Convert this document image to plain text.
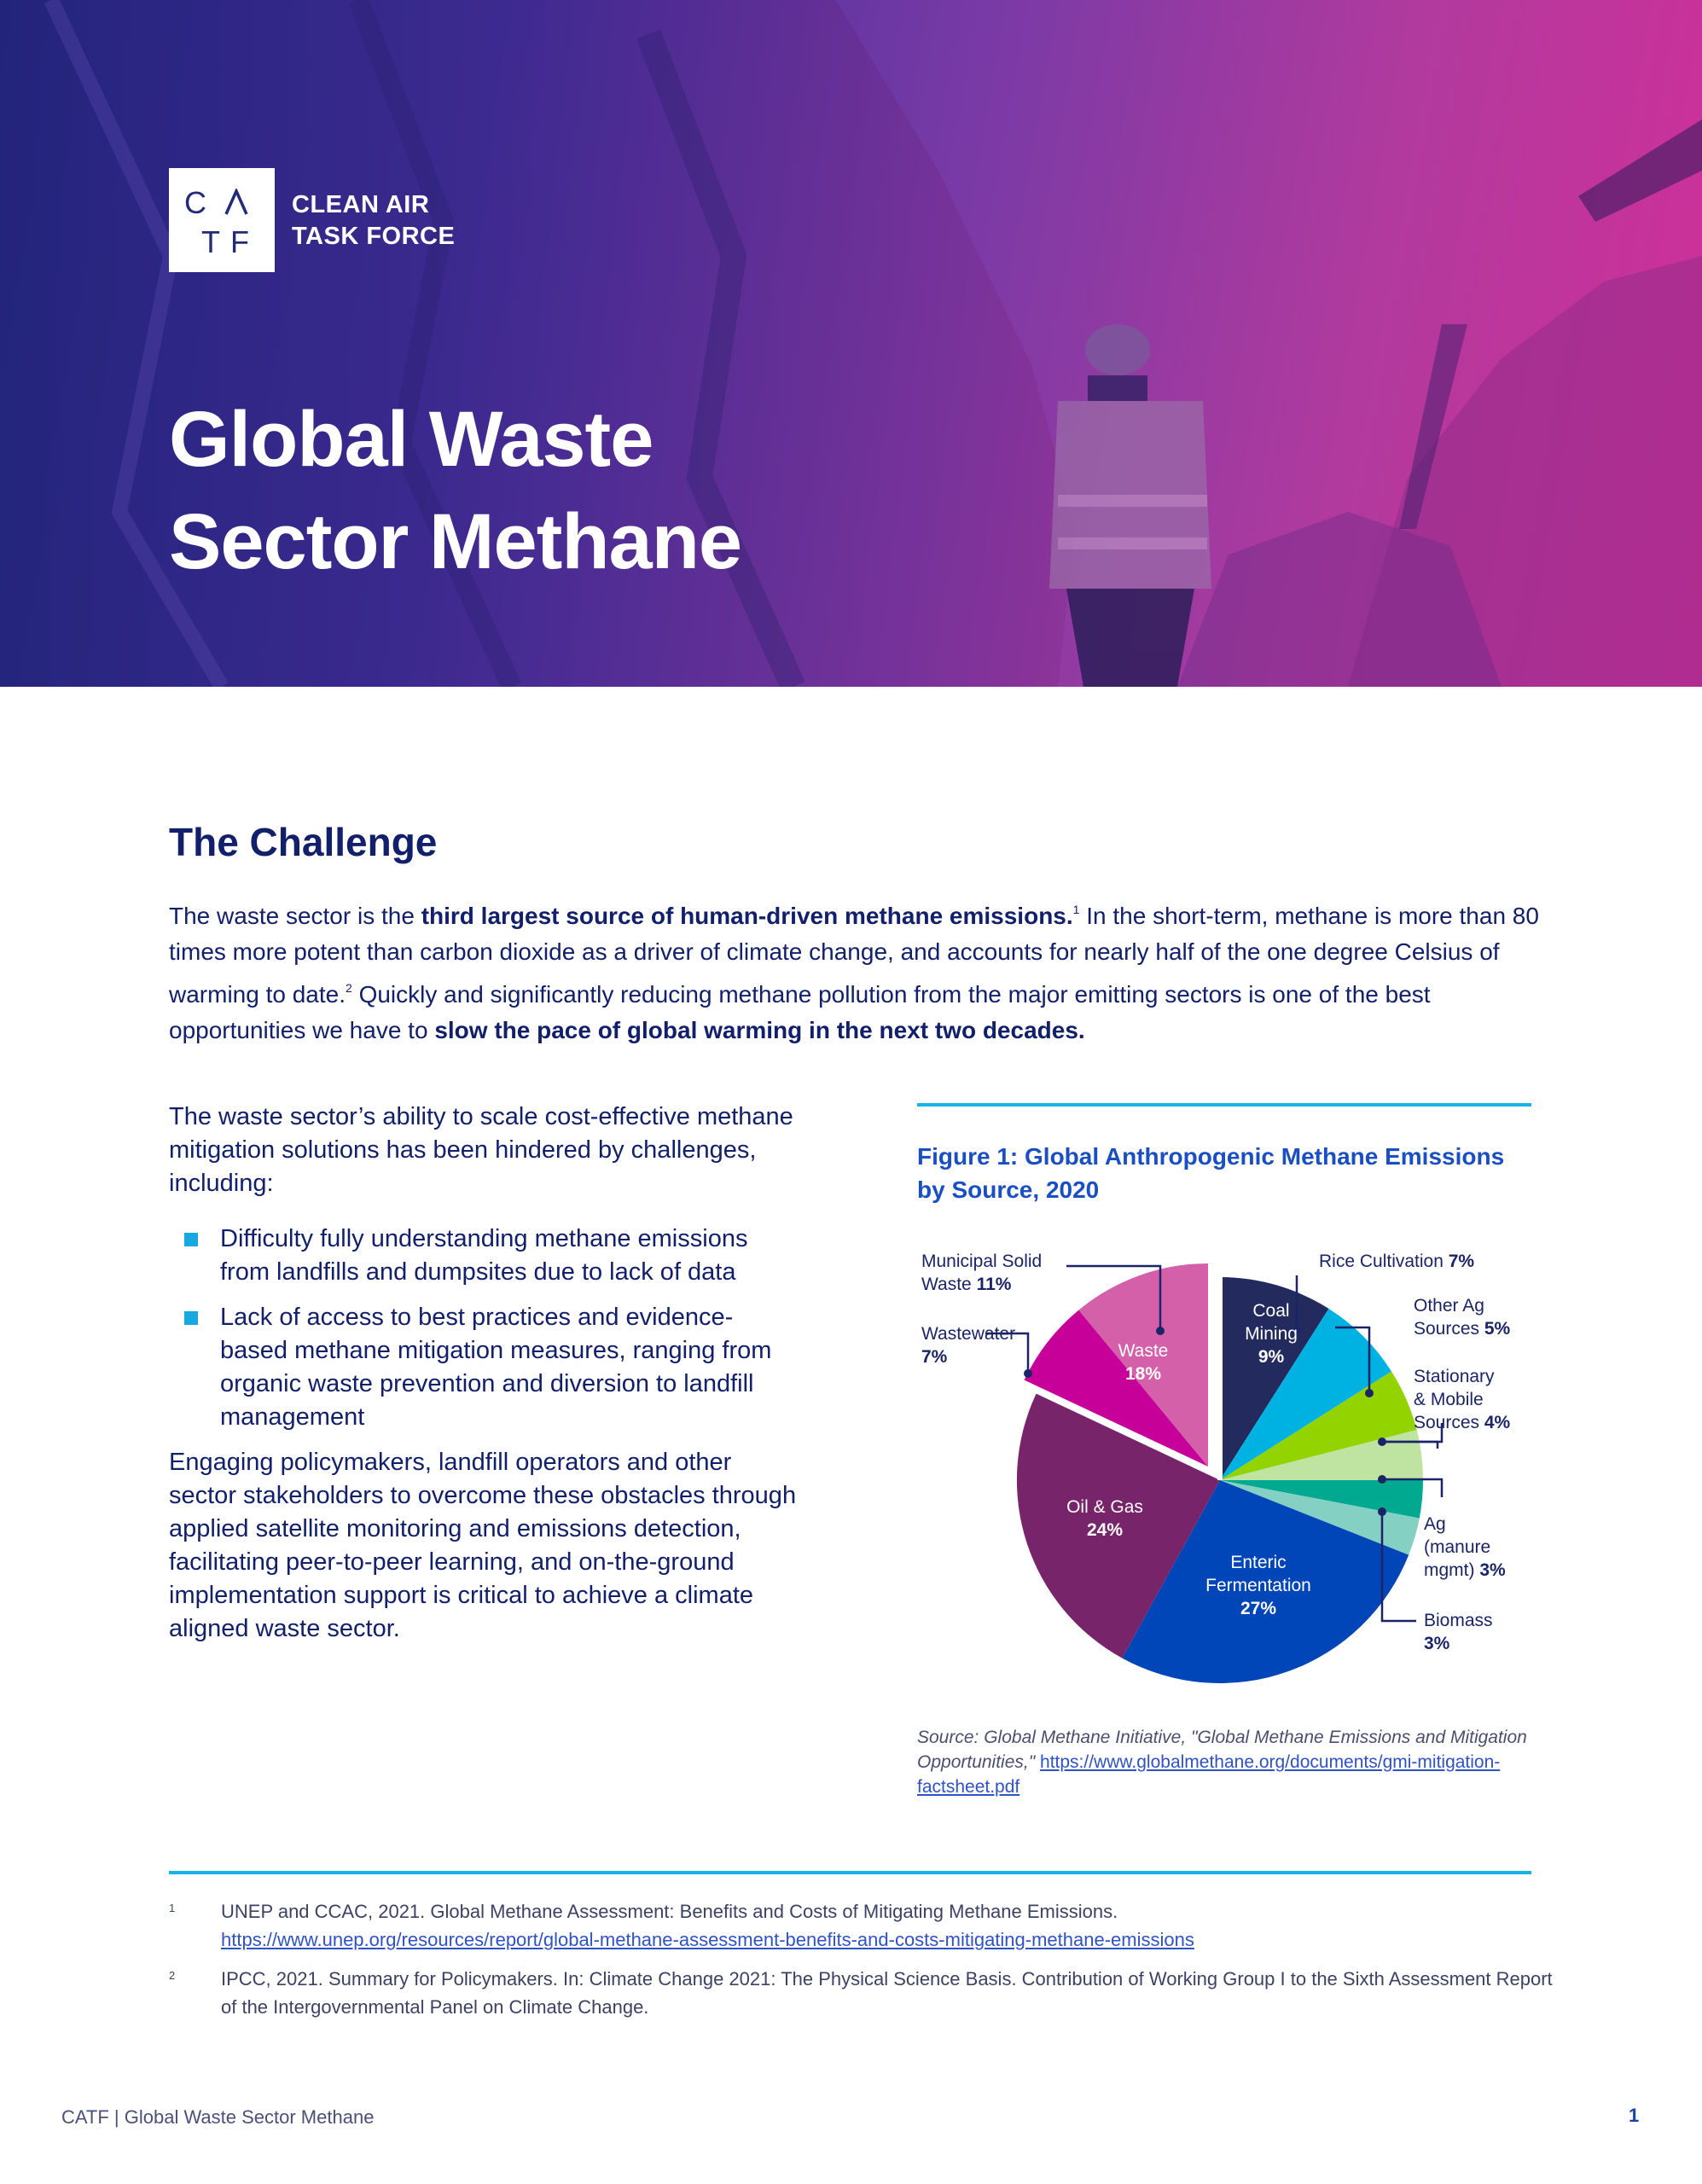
C
T F
CLEAN AIR
TASK FORCE
Global Waste
Sector Methane
The Challenge

The waste sector is the third largest source of human-driven methane emissions.$^1$ In the short-term, methane is more than 80 times more potent than carbon dioxide as a driver of climate change, and accounts for nearly half of the one degree Celsius of warming to date.$^2$ Quickly and significantly reducing methane pollution from the major emitting sectors is one of the best opportunities we have to slow the pace of global warming in the next two decades.

The waste sector’s ability to scale cost-effective methane mitigation solutions has been hindered by challenges, including:

Difficulty fully understanding methane emissions from landfills and dumpsites due to lack of data
Lack of access to best practices and evidence-based methane mitigation measures, ranging from organic waste prevention and diversion to landfill management

Engaging policymakers, landfill operators and other sector stakeholders to overcome these obstacles through applied satellite monitoring and emissions detection, facilitating peer-to-peer learning, and on-the-ground implementation support is critical to achieve a climate aligned waste sector.

Figure 1: Global Anthropogenic Methane Emissions by Source, 2020
Municipal Solid
Waste 11%
Wastewater
7%
Rice Cultivation 7%
Other Ag
Sources 5%
Stationary
& Mobile
Sources 4%
Ag
(manure
mgmt) 3%
Biomass
3%
Waste
18%
Coal
Mining
9%
Oil & Gas
24%
Enteric
Fermentation
27%

Source: Global Methane Initiative, "Global Methane Emissions and Mitigation Opportunities," https://www.globalmethane.org/documents/gmi-mitigation-factsheet.pdf

1 UNEP and CCAC, 2021. Global Methane Assessment: Benefits and Costs of Mitigating Methane Emissions.
https://www.unep.org/resources/report/global-methane-assessment-benefits-and-costs-mitigating-methane-emissions
2 IPCC, 2021. Summary for Policymakers. In: Climate Change 2021: The Physical Science Basis. Contribution of Working Group I to the Sixth Assessment Report of the Intergovernmental Panel on Climate Change.
CATF | Global Waste Sector Methane	1
